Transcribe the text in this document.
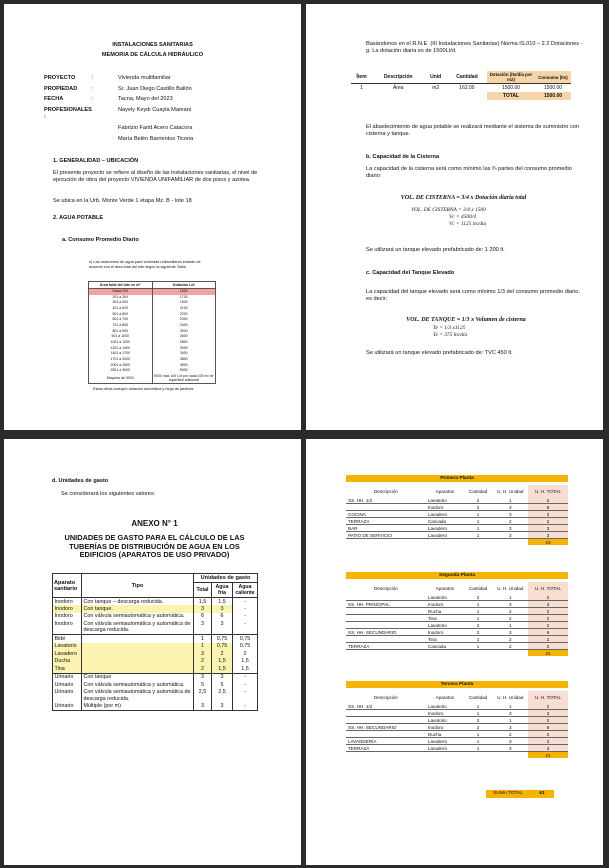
INSTALACIONES SANITARIAS
MEMORIA DE CÁLCULA HIDRÁULICO
PROYECTO	:	Vivienda multifamiliar
PROPIEDAD	:	Sr. Juan Diego Castillo Ballón
FECHA	:	Tacna, Mayo del 2023
PROFESIONALES :
Nayely Keydi Cuayla Mamani
Fabrizio Farid Acero Catacora
María Belén Barrientos Ticona
1. GENERALIDAD – UBICACIÓN
El presente proyecto se refiere al diseño de las instalaciones sanitarias, el nivel de ejecución de obra del proyecto VIVIENDA UNIFAMILIAR de dos pisos y azotea.
Se ubica en la Urb. Monte Verde 1 etapa Mz. B - lote 18
2. AGUA POTABLE
a. Consumo Promedio Diario
e) Las dotaciones de agua para viviendas unifamiliares estarán de acuerdo con el área total del lote según la siguiente Tabla
Área total del lote en m²	Dotación L/d
Hasta 200	1500
201 a 300	1700
301 a 400	1900
401 a 500	2100
501 a 600	2200
601 a 700	2300
701 a 800	2400
801 a 900	2500
901 a 1000	2600
1001 a 1200	2800
1201 a 1400	3000
1401 a 1700	3400
1701 a 2000	3800
2001 a 2500	4500
2501 a 3000	5000
Mayores de 3000	5000 más 100 L/d por cada 100 m² de superficie adicional
Estas cifras incluyen dotación doméstica y riego de jardines.
Basándonos en el R.N.E. (III Instalaciones Sanitarias) Norma IS.010 – 2.2 Dotaciones - g. La dotación diaria es de 1500Lt/d.
Ítem	Descripción	Unid	Cantidad	Dotación (lts/día por m2)	Consumo (lts)
1	Área	m2	162.00	1500.00	1500.00
				TOTAL	1500.00
El abastecimiento de agua potable se realizará mediante el sistema de suministro con cisterna y tanque.
b. Capacidad de la Cisterna
La capacidad de la cisterna será como mínimo las ¾ partes del consumo promedio diario:
VOL. DE CISTERNA = 3/4 x Dotación diaria total
VOL. DE CISTERNA = 3/4 x 1500
Vc = 4500/4
Vc = 1125 lts/día
Se utilizará un tanque elevado prefabricado de: 1 200 lt.
c. Capacidad del Tanque Elevado
La capacidad del tanque elevado será como mínimo 1/3 del consumo promedio diario, es decir:
VOL. DE TANQUE = 1/3 x Volumen de cisterna
Te = 1/3 x1125
Te = 375 lts/día
Se utilizará un tanque elevado prefabricado de: TVC 450 lt.
d. Unidades de gasto
Se considerará los siguientes valores:
ANEXO N° 1
UNIDADES DE GASTO PARA EL CÁLCULO DE LAS TUBERÍAS DE DISTRIBUCIÓN DE AGUA EN LOS EDIFICIOS (APARATOS DE USO PRIVADO)
Aparato sanitario	Tipo	Unidades de gasto		
		Total	Agua fría	Agua caliente
Inodoro	Con tanque – descarga reducida.	1,5	1,5	-
Inodoro	Con tanque.	3	3	-
Inodoro	Con válvula semiautomática y automática.	6	6	-
Inodoro	Con válvula semiautomática y automática de descarga reducida.	3	3	-
Bidé		1	0,75	0,75
Lavatorio		1	0,75	0,75
Lavadero		3	2	2
Ducha		2	1,5	1,5
Tina		2	1,5	1,5
Urinario	Con tanque	3	3	-
Urinario	Con válvula semiautomática y automática.	5	5	-
Urinario	Con válvula semiautomática y automática de descarga reducida.	2,5	2,5	-
Urinario	Múltiple (por m)	3	3	-
Primera Planta
Descripción	Aparatos	Cantidad	U. H. Unidad	U. H. TOTAL
SS. HH. 1/2	Lavatorio	2	1	2
	Inodoro	2	3	6
COCINA	Lavadero	1	3	3
TERRAZA	Cascada	1	2	2
BAR	Lavadero	1	3	3
PATIO DE SERVICIO	Lavadero	1	3	3
				19
Segunda Planta
Descripción	Aparatos	Cantidad	U. H. Unidad	U. H. TOTAL
	Lavatorio	2	1	2
SS. HH. PRINCIPAL	Inodoro	1	3	3
	Ducha	1	2	2
	Tina	1	2	2
	Lavatorio	2	1	2
SS. HH. SECUNDARIO	Inodoro	2	3	6
	Tina	1	2	2
TERRAZA	Cascada	1	2	2
				21
Tercera Planta
Descripción	Aparatos	Cantidad	U. H. Unidad	U. H. TOTAL
SS. HH. 1/2	Lavatorio	1	1	2
	Inodoro	1	3	3
	Lavatorio	2	1	2
SS. HH. SECUNDARIO	Inodoro	2	3	6
	Ducha	1	2	2
LAVANDERÍA	Lavadero	1	3	3
TERRAZA	Lavadero	1	3	3
				21
SUMA TOTAL	61
